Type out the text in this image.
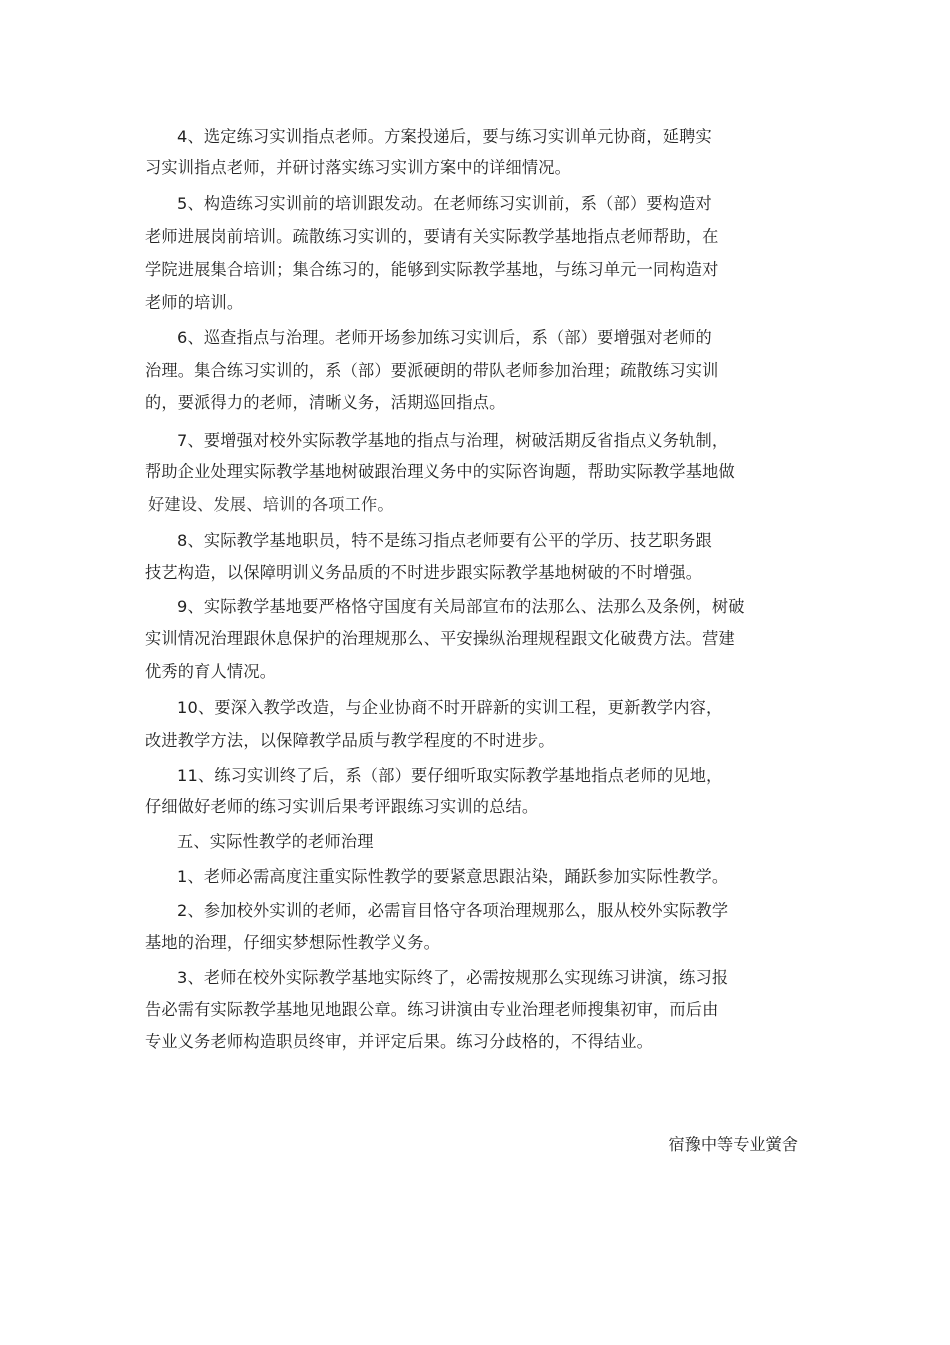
4、选定练习实训指点老师。方案投递后，要与练习实训单元协商，延聘实
习实训指点老师，并研讨落实练习实训方案中的详细情况。
5、构造练习实训前的培训跟发动。在老师练习实训前，系（部）要构造对
老师进展岗前培训。疏散练习实训的，要请有关实际教学基地指点老师帮助，在
学院进展集合培训；集合练习的，能够到实际教学基地，与练习单元一同构造对
老师的培训。
6、巡查指点与治理。老师开场参加练习实训后，系（部）要增强对老师的
治理。集合练习实训的，系（部）要派硬朗的带队老师参加治理；疏散练习实训
的，要派得力的老师，清晰义务，活期巡回指点。
7、要增强对校外实际教学基地的指点与治理，树破活期反省指点义务轨制，
帮助企业处理实际教学基地树破跟治理义务中的实际咨询题，帮助实际教学基地做
好建设、发展、培训的各项工作。
8、实际教学基地职员，特不是练习指点老师要有公平的学历、技艺职务跟
技艺构造，以保障明训义务品质的不时进步跟实际教学基地树破的不时增强。
9、实际教学基地要严格恪守国度有关局部宣布的法那么、法那么及条例，树破
实训情况治理跟休息保护的治理规那么、平安操纵治理规程跟文化破费方法。营建
优秀的育人情况。
10、要深入教学改造，与企业协商不时开辟新的实训工程，更新教学内容，
改进教学方法，以保障教学品质与教学程度的不时进步。
11、练习实训终了后，系（部）要仔细听取实际教学基地指点老师的见地，
仔细做好老师的练习实训后果考评跟练习实训的总结。
五、实际性教学的老师治理
1、老师必需高度注重实际性教学的要紧意思跟沾染，踊跃参加实际性教学。
2、参加校外实训的老师，必需盲目恪守各项治理规那么，服从校外实际教学
基地的治理，仔细实梦想际性教学义务。
3、老师在校外实际教学基地实际终了，必需按规那么实现练习讲演，练习报
告必需有实际教学基地见地跟公章。练习讲演由专业治理老师搜集初审，而后由
专业义务老师构造职员终审，并评定后果。练习分歧格的，不得结业。
宿豫中等专业黉舍
